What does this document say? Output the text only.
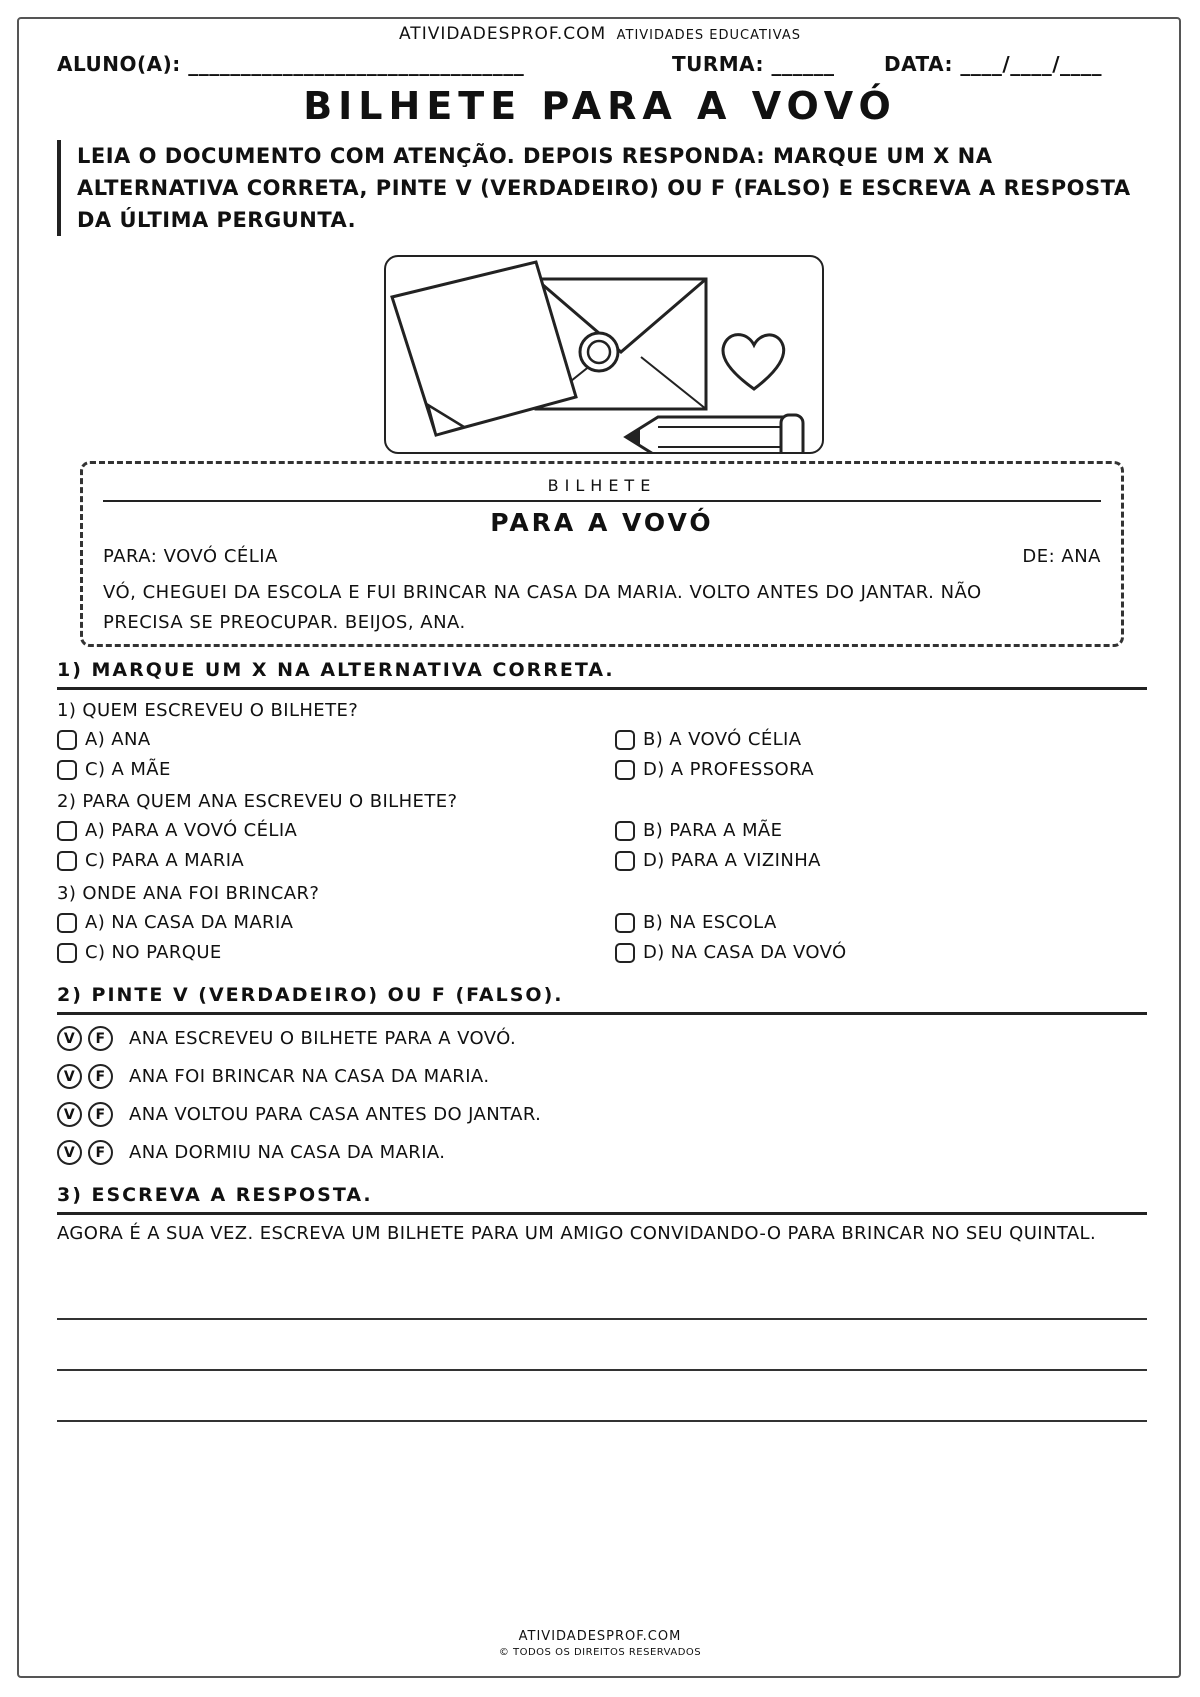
ATIVIDADESPROF.COM ATIVIDADES EDUCATIVAS
ALUNO(A): ________________________________	TURMA: ______ DATA: ____/____/____
BILHETE PARA A VOVÓ
LEIA O DOCUMENTO COM ATENÇÃO. DEPOIS RESPONDA: MARQUE UM X NA ALTERNATIVA CORRETA, PINTE V (VERDADEIRO) OU F (FALSO) E ESCREVA A RESPOSTA DA ÚLTIMA PERGUNTA.
BILHETE
PARA A VOVÓ
PARA: VOVÓ CÉLIA	DE: ANA
VÓ, CHEGUEI DA ESCOLA E FUI BRINCAR NA CASA DA MARIA. VOLTO ANTES DO JANTAR. NÃO PRECISA SE PREOCUPAR. BEIJOS, ANA.
1) MARQUE UM X NA ALTERNATIVA CORRETA.
1) QUEM ESCREVEU O BILHETE?
A) ANA	B) A VOVÓ CÉLIA
C) A MÃE	D) A PROFESSORA
2) PARA QUEM ANA ESCREVEU O BILHETE?
A) PARA A VOVÓ CÉLIA	B) PARA A MÃE
C) PARA A MARIA	D) PARA A VIZINHA
3) ONDE ANA FOI BRINCAR?
A) NA CASA DA MARIA	B) NA ESCOLA
C) NO PARQUE	D) NA CASA DA VOVÓ
2) PINTE V (VERDADEIRO) OU F (FALSO).
V	F	ANA ESCREVEU O BILHETE PARA A VOVÓ.
V	F	ANA FOI BRINCAR NA CASA DA MARIA.
V	F	ANA VOLTOU PARA CASA ANTES DO JANTAR.
V	F	ANA DORMIU NA CASA DA MARIA.
3) ESCREVA A RESPOSTA.
AGORA É A SUA VEZ. ESCREVA UM BILHETE PARA UM AMIGO CONVIDANDO-O PARA BRINCAR NO SEU QUINTAL.
ATIVIDADESPROF.COM
© TODOS OS DIREITOS RESERVADOS
